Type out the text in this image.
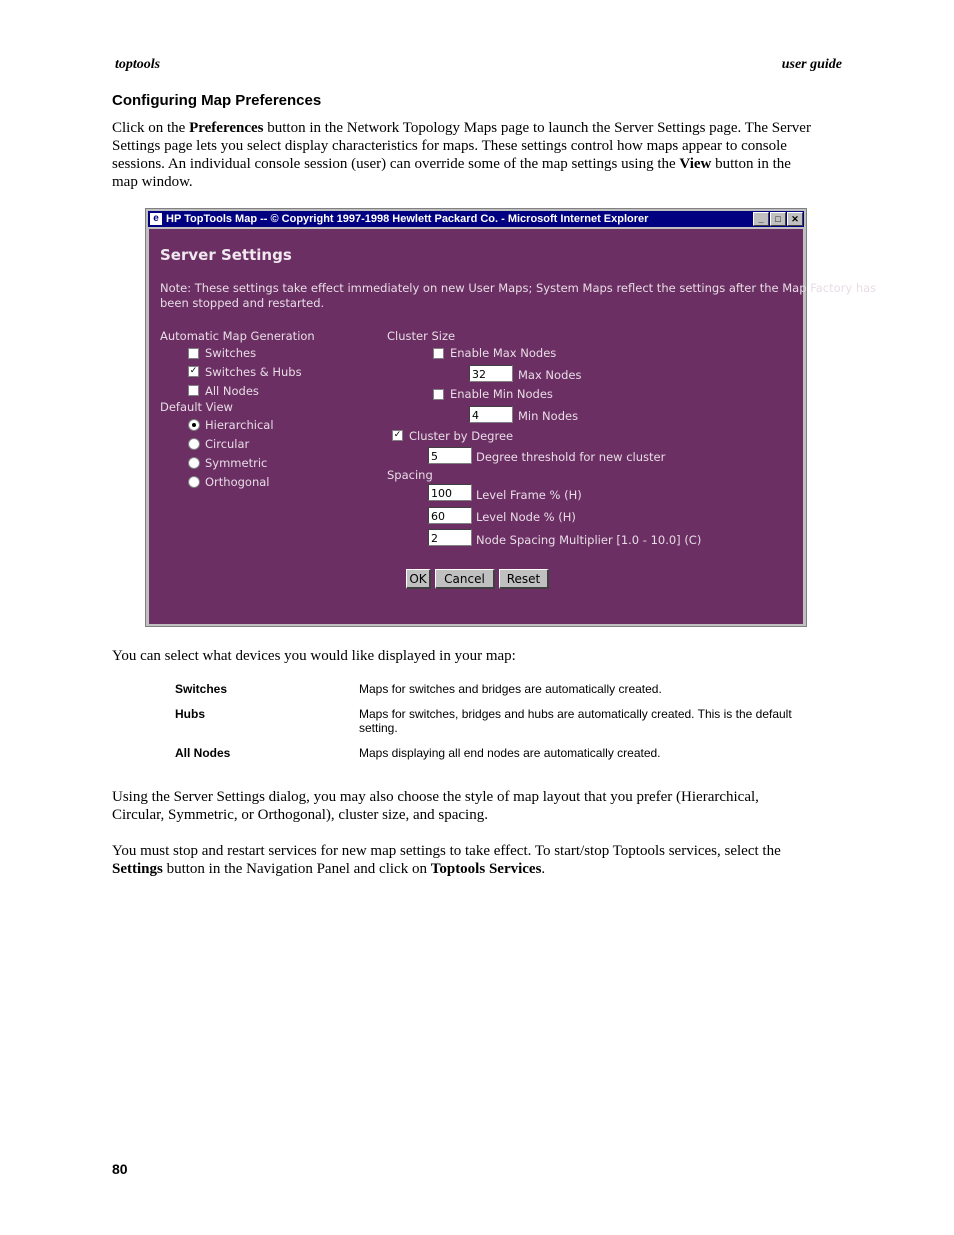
toptools	user guide
Configuring Map Preferences
Click on the Preferences button in the Network Topology Maps page to launch the Server Settings page. The Server
Settings page lets you select display characteristics for maps. These settings control how maps appear to console
sessions. An individual console session (user) can override some of the map settings using the View button in the
map window.
e HP TopTools Map -- © Copyright 1997-1998 Hewlett Packard Co. - Microsoft Internet Explorer	_ □ ✕
Server Settings
Note: These settings take effect immediately on new User Maps; System Maps reflect the settings after the Map Factory has
been stopped and restarted.
Automatic Map Generation
Switches
✓ Switches & Hubs
All Nodes
Default View
Hierarchical
Circular
Symmetric
Orthogonal
Cluster Size
Enable Max Nodes
32	Max Nodes
Enable Min Nodes
4	Min Nodes
✓ Cluster by Degree
5	Degree threshold for new cluster
Spacing
100	Level Frame % (H)
60	Level Node % (H)
2	Node Spacing Multiplier [1.0 - 10.0] (C)
OK	Cancel	Reset
You can select what devices you would like displayed in your map:
Switches	Maps for switches and bridges are automatically created.
Hubs	Maps for switches, bridges and hubs are automatically created. This is the default
setting.
All Nodes	Maps displaying all end nodes are automatically created.
Using the Server Settings dialog, you may also choose the style of map layout that you prefer (Hierarchical,
Circular, Symmetric, or Orthogonal), cluster size, and spacing.
You must stop and restart services for new map settings to take effect. To start/stop Toptools services, select the
Settings button in the Navigation Panel and click on Toptools Services.
80
